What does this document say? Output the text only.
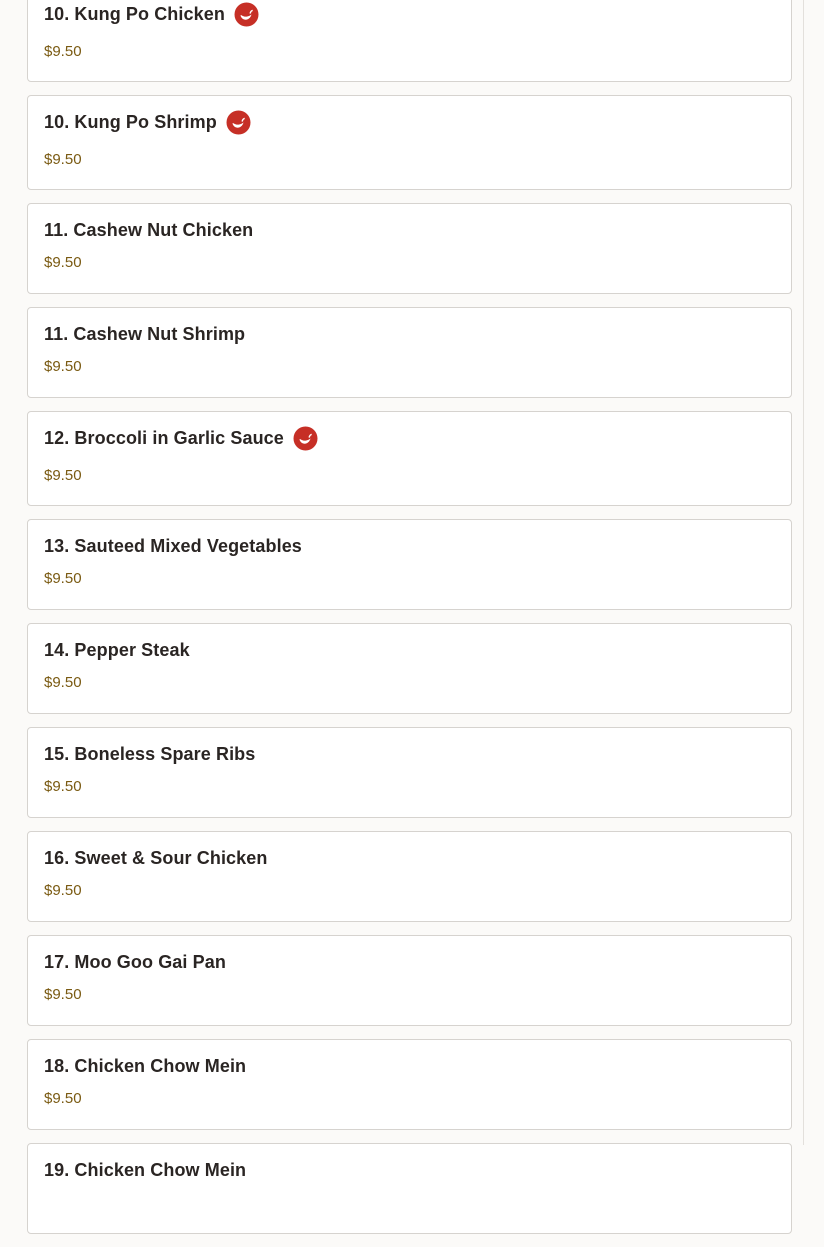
10. Kung Po Chicken
$9.50
10. Kung Po Shrimp
$9.50
11. Cashew Nut Chicken
$9.50
11. Cashew Nut Shrimp
$9.50
12. Broccoli in Garlic Sauce
$9.50
13. Sauteed Mixed Vegetables
$9.50
14. Pepper Steak
$9.50
15. Boneless Spare Ribs
$9.50
16. Sweet & Sour Chicken
$9.50
17. Moo Goo Gai Pan
$9.50
18. Chicken Chow Mein
$9.50
19. Chicken Chow Mein
